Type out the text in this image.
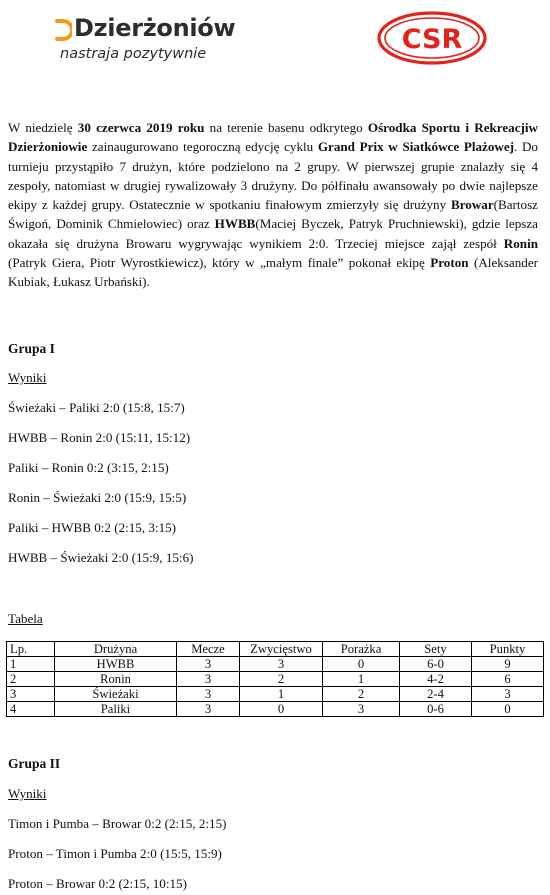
Dzierżoniów
nastraja pozytywnie	CSR

W niedzielę 30 czerwca 2019 roku na terenie basenu odkrytego Ośrodka Sportu i Rekreacjiw Dzierżoniowie zainaugurowano tegoroczną edycję cyklu Grand Prix w Siatkówce Plażowej. Do turnieju przystąpiło 7 drużyn, które podzielono na 2 grupy. W pierwszej grupie znalazły się 4 zespoły, natomiast w drugiej rywalizowały 3 drużyny. Do półfinału awansowały po dwie najlepsze ekipy z każdej grupy. Ostatecznie w spotkaniu finałowym zmierzyły się drużyny Browar(Bartosz Świgoń, Dominik Chmielowiec) oraz HWBB(Maciej Byczek, Patryk Pruchniewski), gdzie lepsza okazała się drużyna Browaru wygrywając wynikiem 2:0. Trzeciej miejsce zajął zespół Ronin (Patryk Giera, Piotr Wyrostkiewicz), który w „małym finale” pokonał ekipę Proton (Aleksander Kubiak, Łukasz Urbański).

Grupa I
Wyniki
Świeżaki – Paliki 2:0 (15:8, 15:7)
HWBB – Ronin 2:0 (15:11, 15:12)
Paliki – Ronin 0:2 (3:15, 2:15)
Ronin – Świeżaki 2:0 (15:9, 15:5)
Paliki – HWBB 0:2 (2:15, 3:15)
HWBB – Świeżaki 2:0 (15:9, 15:6)
Tabela
Lp.	Drużyna	Mecze	Zwycięstwo	Porażka	Sety	Punkty
1	HWBB	3	3	0	6-0	9
2	Ronin	3	2	1	4-2	6
3	Świeżaki	3	1	2	2-4	3
4	Paliki	3	0	3	0-6	0
Grupa II
Wyniki
Timon i Pumba – Browar 0:2 (2:15, 2:15)
Proton – Timon i Pumba 2:0 (15:5, 15:9)
Proton – Browar 0:2 (2:15, 10:15)
